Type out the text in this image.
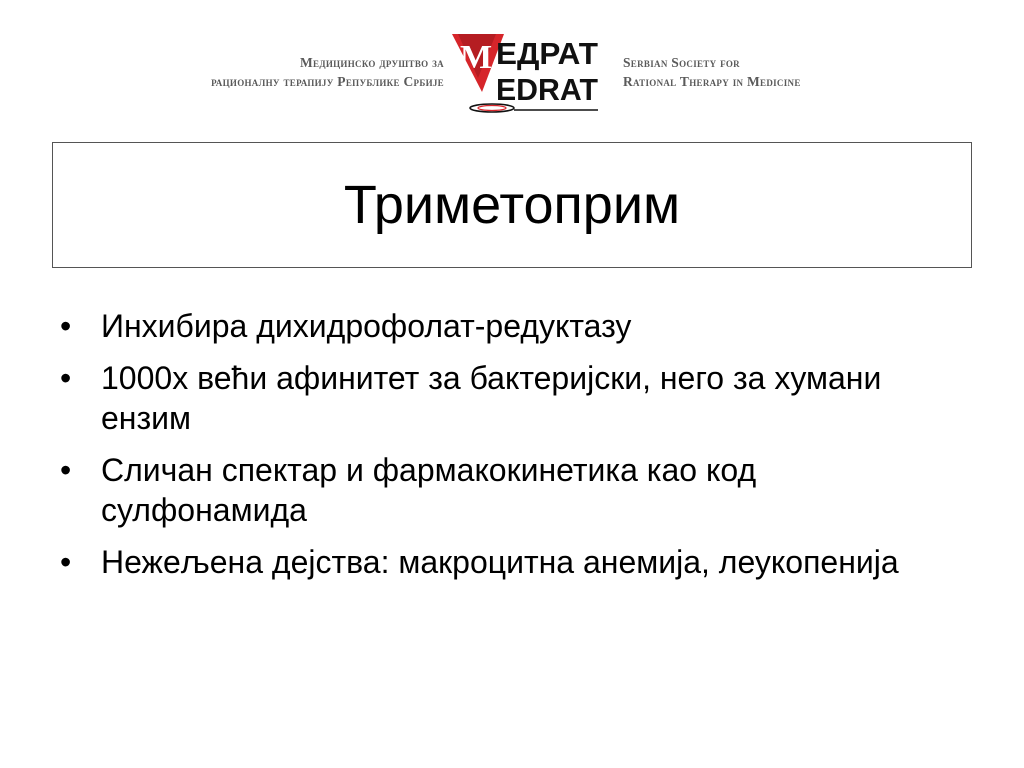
Медицинско друштво за
рационалну терапију Републике Србије
M ЕДРАТ
EDRAT
Serbian Society for
Rational Therapy in Medicine
Триметоприм
• Инхибира дихидрофолат-редуктазу
• 1000x већи афинитет за бактеријски, него за хумани ензим
• Сличан спектар и фармакокинетика као код сулфонамида
• Нежељена дејства: макроцитна анемија, леукопенија
